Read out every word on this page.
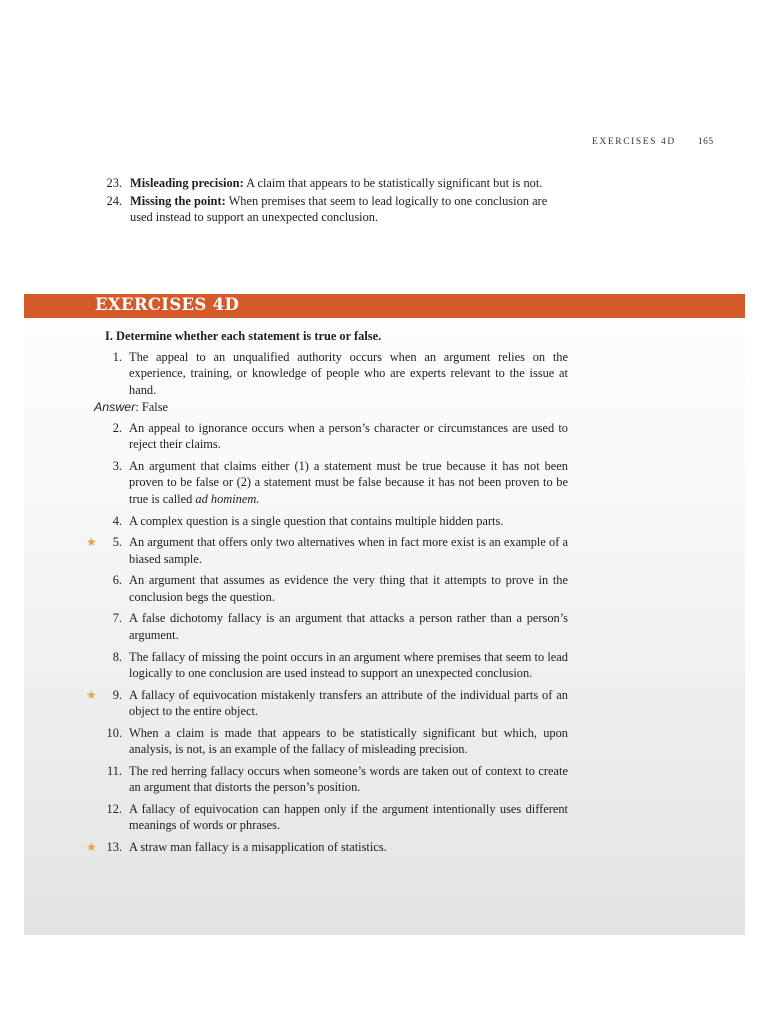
EXERCISES 4D 165
23. Misleading precision: A claim that appears to be statistically significant but is not.
24. Missing the point: When premises that seem to lead logically to one conclusion are used instead to support an unexpected conclusion.
EXERCISES 4D
I. Determine whether each statement is true or false.
1. The appeal to an unqualified authority occurs when an argument relies on the experience, training, or knowledge of people who are experts relevant to the issue at hand.
Answer: False
2. An appeal to ignorance occurs when a person’s character or circumstances are used to reject their claims.
3. An argument that claims either (1) a statement must be true because it has not been proven to be false or (2) a statement must be false because it has not been proven to be true is called ad hominem.
4. A complex question is a single question that contains multiple hidden parts.
★	5. An argument that offers only two alternatives when in fact more exist is an example of a biased sample.
6. An argument that assumes as evidence the very thing that it attempts to prove in the conclusion begs the question.
7. A false dichotomy fallacy is an argument that attacks a person rather than a person’s argument.
8. The fallacy of missing the point occurs in an argument where premises that seem to lead logically to one conclusion are used instead to support an unexpected conclusion.
★	9. A fallacy of equivocation mistakenly transfers an attribute of the individual parts of an object to the entire object.
10. When a claim is made that appears to be statistically significant but which, upon analysis, is not, is an example of the fallacy of misleading precision.
11. The red herring fallacy occurs when someone’s words are taken out of context to create an argument that distorts the person’s position.
12. A fallacy of equivocation can happen only if the argument intentionally uses different meanings of words or phrases.
★ 13. A straw man fallacy is a misapplication of statistics.
